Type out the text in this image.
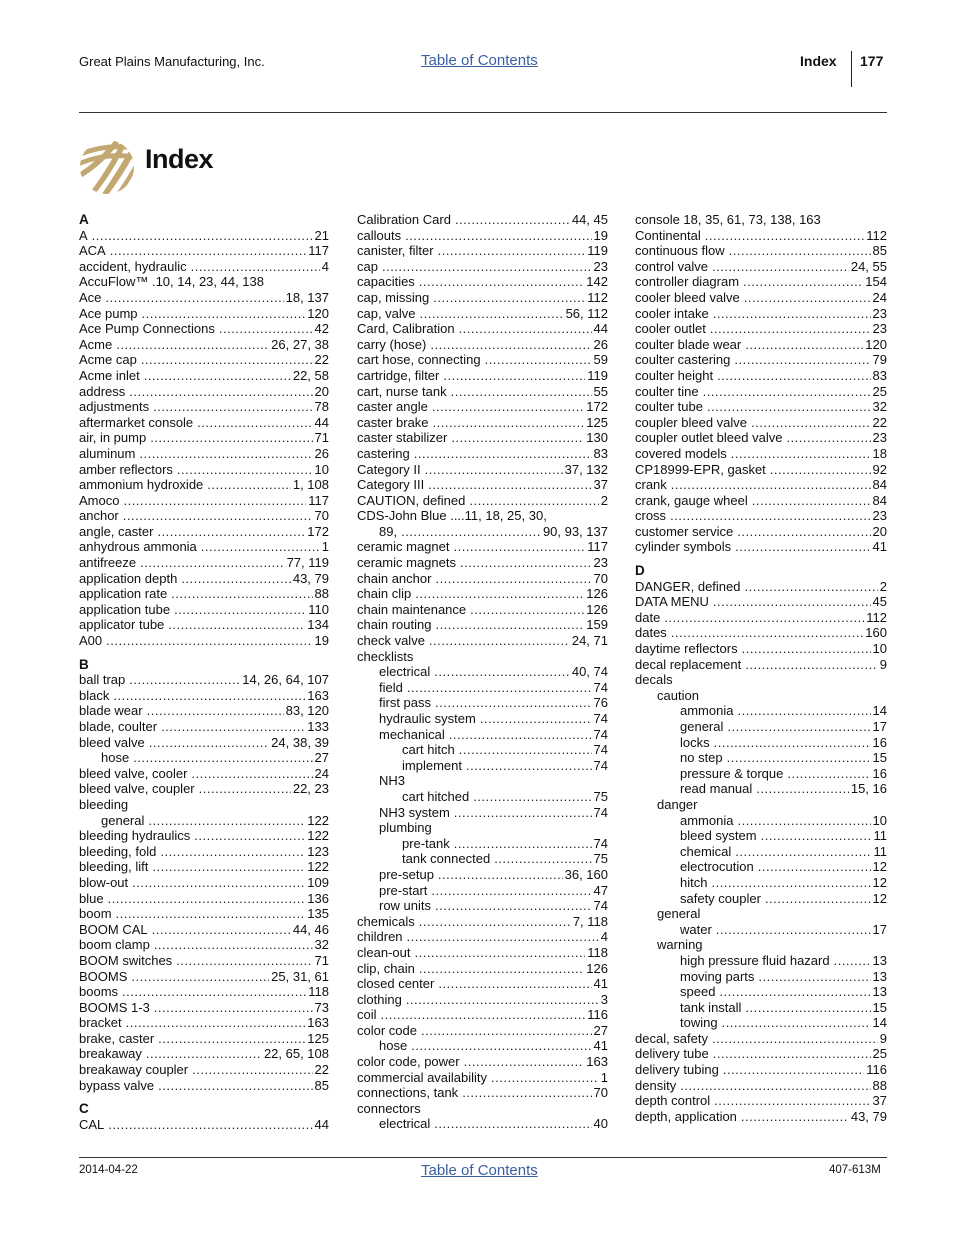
Great Plains Manufacturing, Inc.	Table of Contents	Index 177
Index
A
A .....	21
ACA .....	117
accident, hydraulic .....	4
AccuFlow™ .10, 14, 23, 44, 138
Ace .....	18, 137
Ace pump .....	120
Ace Pump Connections .....	42
Acme .....	26, 27, 38
Acme cap .....	22
Acme inlet .....	22, 58
address .....	20
adjustments .....	78
aftermarket console .....	44
air, in pump .....	71
aluminum .....	26
amber reflectors .....	10
ammonium hydroxide .....	1, 108
Amoco .....	117
anchor .....	70
angle, caster .....	172
anhydrous ammonia .....	1
antifreeze .....	77, 119
application depth .....	43, 79
application rate .....	88
application tube .....	110
applicator tube .....	134
A00 .....	19
B
ball trap .....	14, 26, 64, 107
black .....	163
blade wear .....	83, 120
blade, coulter .....	133
bleed valve .....	24, 38, 39
hose .....	27
bleed valve, cooler .....	24
bleed valve, coupler .....	22, 23
bleeding
general .....	122
bleeding hydraulics .....	122
bleeding, fold .....	123
bleeding, lift .....	122
blow-out .....	109
blue .....	136
boom .....	135
BOOM CAL .....	44, 46
boom clamp .....	32
BOOM switches .....	71
BOOMS .....	25, 31, 61
booms .....	118
BOOMS 1-3 .....	73
bracket .....	163
brake, caster .....	125
breakaway .....	22, 65, 108
breakaway coupler .....	22
bypass valve .....	85
C
CAL .....	44
Calibration Card .....	44, 45
callouts .....	19
canister, filter .....	119
cap .....	23
capacities .....	142
cap, missing .....	112
cap, valve .....	56, 112
Card, Calibration .....	44
carry (hose) .....	26
cart hose, connecting .....	59
cartridge, filter .....	119
cart, nurse tank .....	55
caster angle .....	172
caster brake .....	125
caster stabilizer .....	130
castering .....	83
Category II .....	37, 132
Category III .....	37
CAUTION, defined .....	2
CDS-John Blue ....11, 18, 25, 30,
89, .....	90, 93, 137
ceramic magnet .....	117
ceramic magnets .....	23
chain anchor .....	70
chain clip .....	126
chain maintenance .....	126
chain routing .....	159
check valve .....	24, 71
checklists
electrical .....	40, 74
field .....	74
first pass .....	76
hydraulic system .....	74
mechanical .....	74
cart hitch .....	74
implement .....	74
NH3
cart hitched .....	75
NH3 system .....	74
plumbing
pre-tank .....	74
tank connected .....	75
pre-setup .....	36, 160
pre-start .....	47
row units .....	74
chemicals .....	7, 118
children .....	4
clean-out .....	118
clip, chain .....	126
closed center .....	41
clothing .....	3
coil .....	116
color code .....	27
hose .....	41
color code, power .....	163
commercial availability .....	1
connections, tank .....	70
connectors
electrical .....	40
console 18, 35, 61, 73, 138, 163
Continental .....	112
continuous flow .....	85
control valve .....	24, 55
controller diagram .....	154
cooler bleed valve .....	24
cooler intake .....	23
cooler outlet .....	23
coulter blade wear .....	120
coulter castering .....	79
coulter height .....	83
coulter tine .....	25
coulter tube .....	32
coupler bleed valve .....	22
coupler outlet bleed valve .....	23
covered models .....	18
CP18999-EPR, gasket .....	92
crank .....	84
crank, gauge wheel .....	84
cross .....	23
customer service .....	20
cylinder symbols .....	41
D
DANGER, defined .....	2
DATA MENU .....	45
date .....	112
dates .....	160
daytime reflectors .....	10
decal replacement .....	9
decals
caution
ammonia .....	14
general .....	17
locks .....	16
no step .....	15
pressure & torque .....	16
read manual .....	15, 16
danger
ammonia .....	10
bleed system .....	11
chemical .....	11
electrocution .....	12
hitch .....	12
safety coupler .....	12
general
water .....	17
warning
high pressure fluid hazard .....	13
moving parts .....	13
speed .....	13
tank install .....	15
towing .....	14
decal, safety .....	9
delivery tube .....	25
delivery tubing .....	116
density .....	88
depth control .....	37
depth, application .....	43, 79
2014-04-22	Table of Contents	407-613M
